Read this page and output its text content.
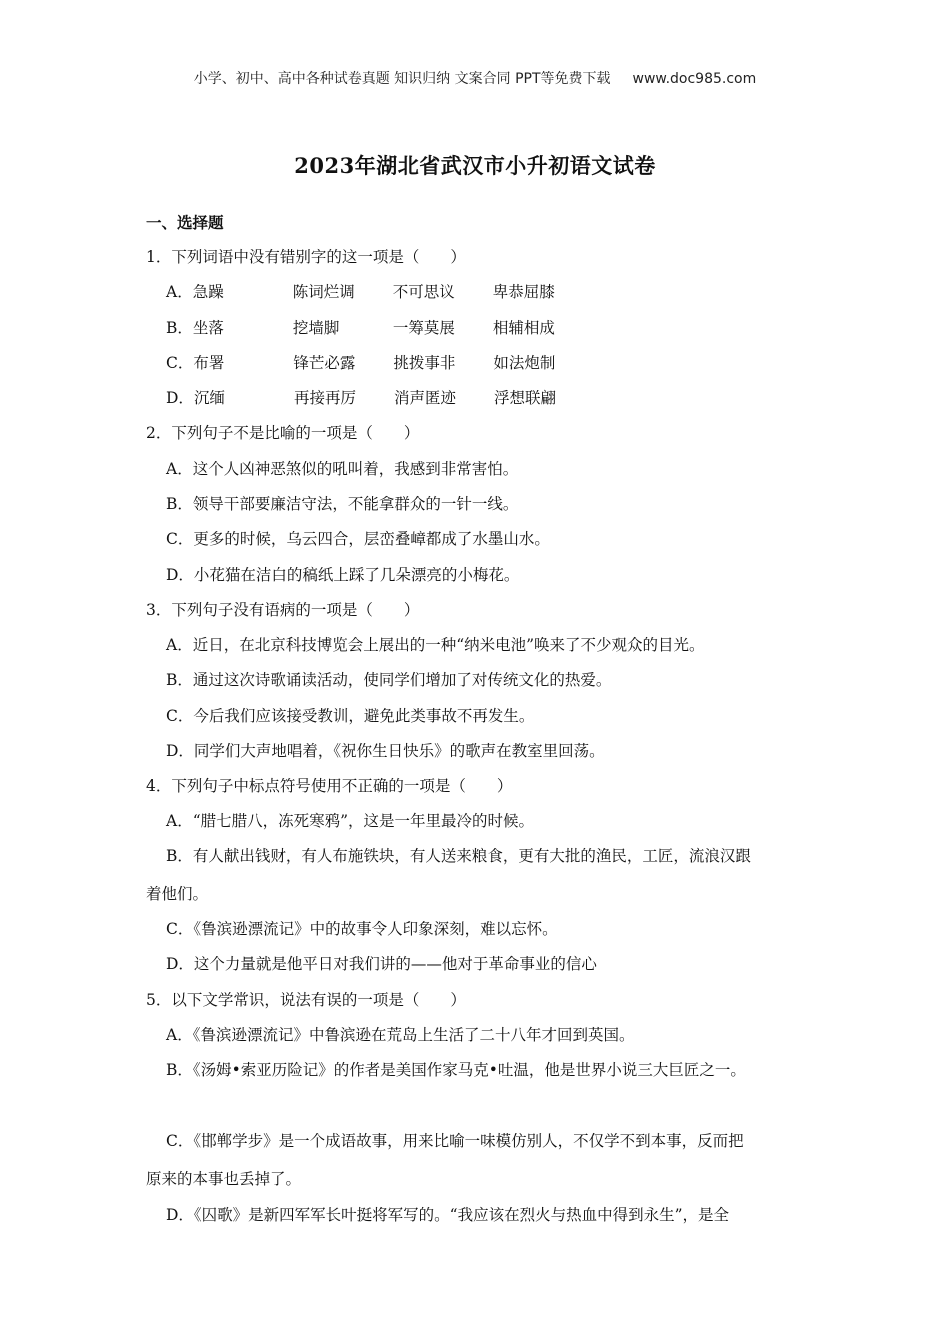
小学、初中、高中各种试卷真题 知识归纳 文案合同 PPT等免费下载 www.doc985.com
2023年湖北省武汉市小升初语文试卷
一、选择题
1．下列词语中没有错别字的这一项是（　　）
A．急躁	陈词烂调 不可思议 卑恭屈膝
B．坐落	挖墙脚	一筹莫展 相辅相成
C．布署	锋芒必露 挑拨事非 如法炮制
D．沉缅	再接再厉 消声匿迹 浮想联翩
2．下列句子不是比喻的一项是（　　）
A．这个人凶神恶煞似的吼叫着，我感到非常害怕。
B．领导干部要廉洁守法，不能拿群众的一针一线。
C．更多的时候，乌云四合，层峦叠嶂都成了水墨山水。
D．小花猫在洁白的稿纸上踩了几朵漂亮的小梅花。
3．下列句子没有语病的一项是（　　）
A．近日，在北京科技博览会上展出的一种“纳米电池”唤来了不少观众的目光。
B．通过这次诗歌诵读活动，使同学们增加了对传统文化的热爱。
C．今后我们应该接受教训，避免此类事故不再发生。
D．同学们大声地唱着，《祝你生日快乐》的歌声在教室里回荡。
4．下列句子中标点符号使用不正确的一项是（　　）
A．“腊七腊八，冻死寒鸦”，这是一年里最冷的时候。
B．有人献出钱财，有人布施铁块，有人送来粮食，更有大批的渔民，工匠，流浪汉跟
着他们。
C．《鲁滨逊漂流记》中的故事令人印象深刻，难以忘怀。
D．这个力量就是他平日对我们讲的——他对于革命事业的信心
5．以下文学常识，说法有误的一项是（　　）
A．《鲁滨逊漂流记》中鲁滨逊在荒岛上生活了二十八年才回到英国。
B．《汤姆•索亚历险记》的作者是美国作家马克•吐温，他是世界小说三大巨匠之一。
C．《邯郸学步》是一个成语故事，用来比喻一味模仿别人，不仅学不到本事，反而把
原来的本事也丢掉了。
D．《囚歌》是新四军军长叶挺将军写的。“我应该在烈火与热血中得到永生”，是全
